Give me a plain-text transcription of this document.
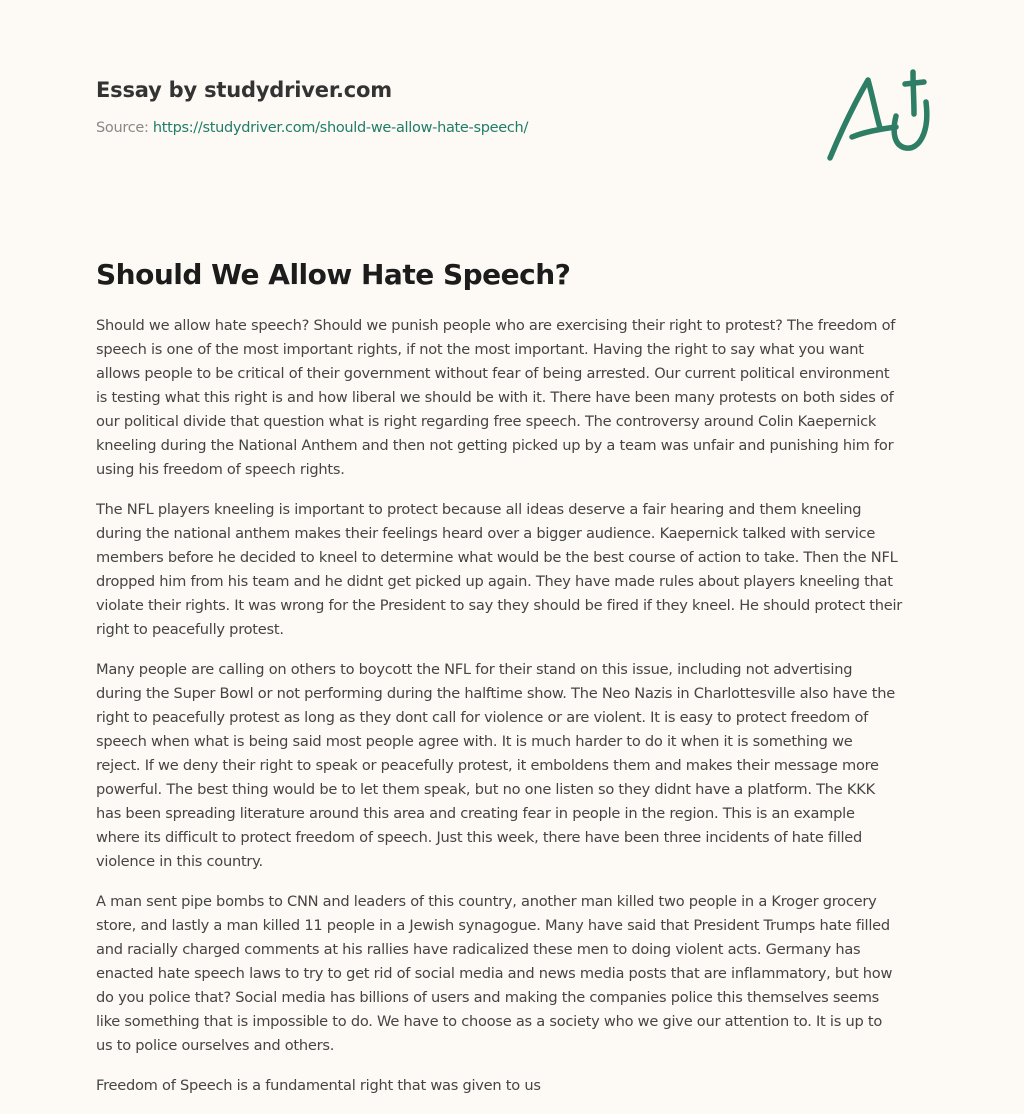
Essay by studydriver.com
Source: https://studydriver.com/should-we-allow-hate-speech/
Should We Allow Hate Speech?

Should we allow hate speech? Should we punish people who are exercising their right to protest? The freedom of
speech is one of the most important rights, if not the most important. Having the right to say what you want
allows people to be critical of their government without fear of being arrested. Our current political environment
is testing what this right is and how liberal we should be with it. There have been many protests on both sides of
our political divide that question what is right regarding free speech. The controversy around Colin Kaepernick
kneeling during the National Anthem and then not getting picked up by a team was unfair and punishing him for
using his freedom of speech rights.

The NFL players kneeling is important to protect because all ideas deserve a fair hearing and them kneeling
during the national anthem makes their feelings heard over a bigger audience. Kaepernick talked with service
members before he decided to kneel to determine what would be the best course of action to take. Then the NFL
dropped him from his team and he didnt get picked up again. They have made rules about players kneeling that
violate their rights. It was wrong for the President to say they should be fired if they kneel. He should protect their
right to peacefully protest.

Many people are calling on others to boycott the NFL for their stand on this issue, including not advertising
during the Super Bowl or not performing during the halftime show. The Neo Nazis in Charlottesville also have the
right to peacefully protest as long as they dont call for violence or are violent. It is easy to protect freedom of
speech when what is being said most people agree with. It is much harder to do it when it is something we
reject. If we deny their right to speak or peacefully protest, it emboldens them and makes their message more
powerful. The best thing would be to let them speak, but no one listen so they didnt have a platform. The KKK
has been spreading literature around this area and creating fear in people in the region. This is an example
where its difficult to protect freedom of speech. Just this week, there have been three incidents of hate filled
violence in this country.

A man sent pipe bombs to CNN and leaders of this country, another man killed two people in a Kroger grocery
store, and lastly a man killed 11 people in a Jewish synagogue. Many have said that President Trumps hate filled
and racially charged comments at his rallies have radicalized these men to doing violent acts. Germany has
enacted hate speech laws to try to get rid of social media and news media posts that are inflammatory, but how
do you police that? Social media has billions of users and making the companies police this themselves seems
like something that is impossible to do. We have to choose as a society who we give our attention to. It is up to
us to police ourselves and others.

Freedom of Speech is a fundamental right that was given to us
